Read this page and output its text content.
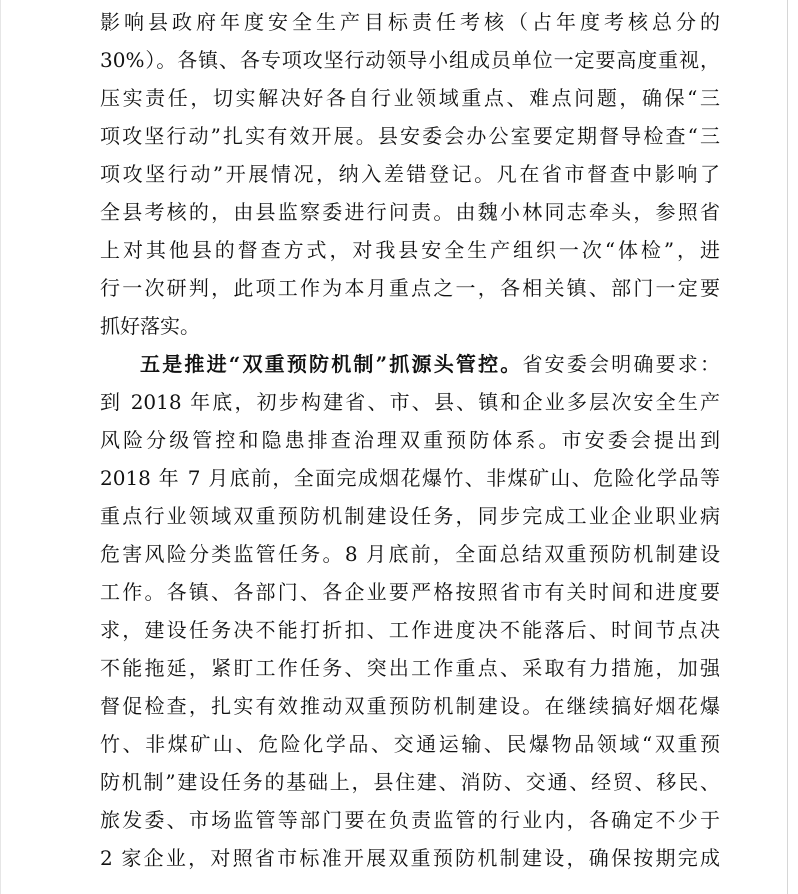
影响县政府年度安全生产目标责任考核（占年度考核总分的
30%）。各镇、各专项攻坚行动领导小组成员单位一定要高度重视，
压实责任，切实解决好各自行业领域重点、难点问题，确保“三
项攻坚行动”扎实有效开展。县安委会办公室要定期督导检查“三
项攻坚行动”开展情况，纳入差错登记。凡在省市督查中影响了
全县考核的，由县监察委进行问责。由魏小林同志牵头，参照省
上对其他县的督查方式，对我县安全生产组织一次“体检”，进
行一次研判，此项工作为本月重点之一，各相关镇、部门一定要
抓好落实。
五是推进“双重预防机制”抓源头管控。省安委会明确要求：
到 2018 年底，初步构建省、市、县、镇和企业多层次安全生产
风险分级管控和隐患排查治理双重预防体系。市安委会提出到
2018 年 7 月底前，全面完成烟花爆竹、非煤矿山、危险化学品等
重点行业领域双重预防机制建设任务，同步完成工业企业职业病
危害风险分类监管任务。8 月底前，全面总结双重预防机制建设
工作。各镇、各部门、各企业要严格按照省市有关时间和进度要
求，建设任务决不能打折扣、工作进度决不能落后、时间节点决
不能拖延，紧盯工作任务、突出工作重点、采取有力措施，加强
督促检查，扎实有效推动双重预防机制建设。在继续搞好烟花爆
竹、非煤矿山、危险化学品、交通运输、民爆物品领域“双重预
防机制”建设任务的基础上，县住建、消防、交通、经贸、移民、
旅发委、市场监管等部门要在负责监管的行业内，各确定不少于
2 家企业，对照省市标准开展双重预防机制建设，确保按期完成
